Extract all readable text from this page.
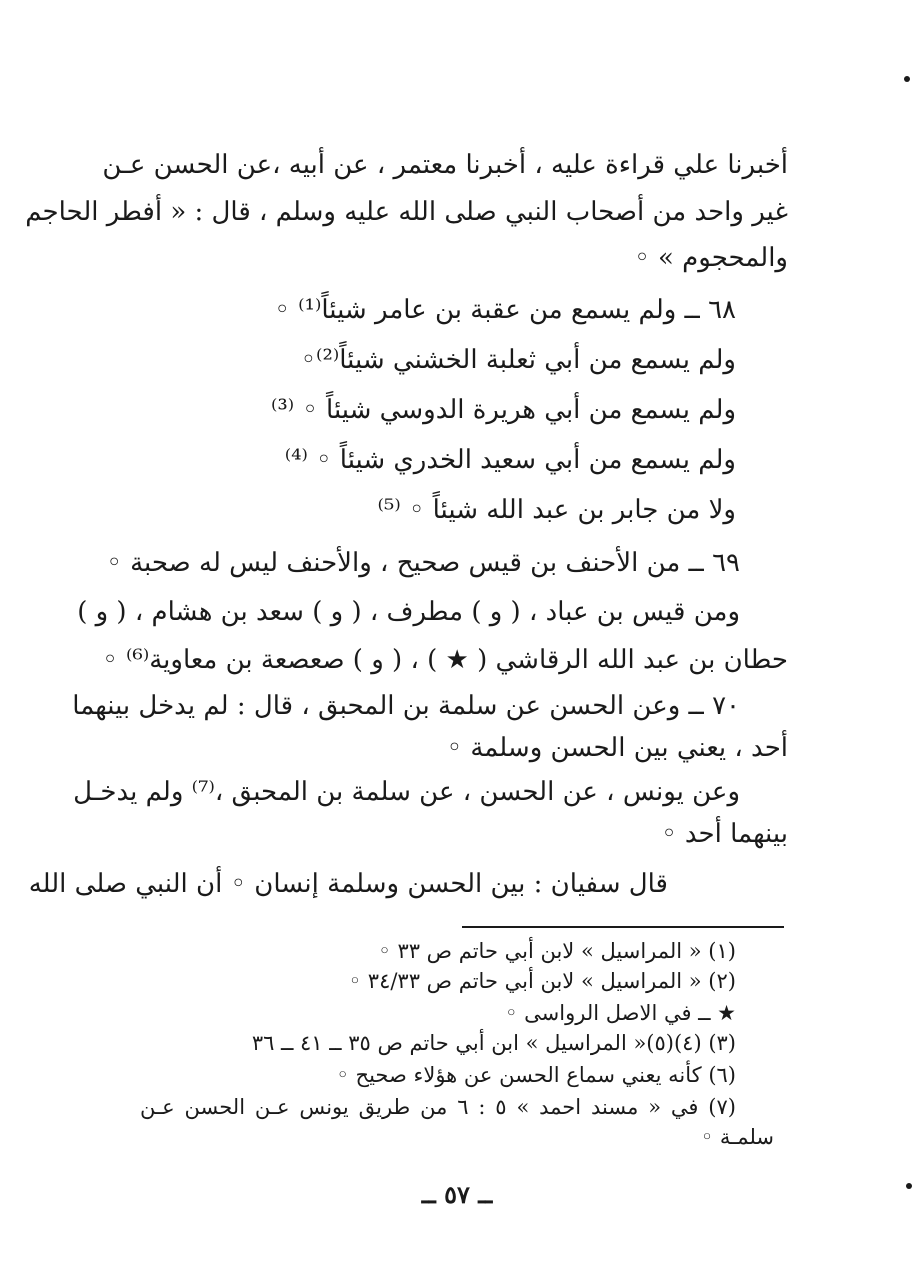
أخبرنا علي قراءة عليه ، أخبرنا معتمر ، عن أبيه ،عن الحسن عـن
غير واحد من أصحاب النبي صلى الله عليه وسلم ، قال : « أفطر الحاجم
والمحجوم » ◦
٦٨ ــ ولم يسمع من عقبة بن عامر شيئاً⁽¹⁾ ◦
ولم يسمع من أبي ثعلبة الخشني شيئاً⁽²⁾◦
ولم يسمع من أبي هريرة الدوسي شيئاً ◦ ⁽³⁾
ولم يسمع من أبي سعيد الخدري شيئاً ◦ ⁽⁴⁾
ولا من جابر بن عبد الله شيئاً ◦ ⁽⁵⁾
٦٩ ــ من الأحنف بن قيس صحيح ، والأحنف ليس له صحبة ◦
ومن قيس بن عباد ، ( و ) مطرف ، ( و ) سعد بن هشام ، ( و )
حطان بن عبد الله الرقاشي ( ★ ) ، ( و ) صعصعة بن معاوية⁽⁶⁾ ◦
٧٠ ــ وعن الحسن عن سلمة بن المحبق ، قال : لم يدخل بينهما
أحد ، يعني بين الحسن وسلمة ◦
وعن يونس ، عن الحسن ، عن سلمة بن المحبق ،⁽⁷⁾ ولم يدخـل
بينهما أحد ◦
قال سفيان : بين الحسن وسلمة إنسان ◦ أن النبي صلى الله
(١) « المراسيل » لابن أبي حاتم ص ٣٣ ◦
(٢) « المراسيل » لابن أبي حاتم ص ٣٤/٣٣ ◦
★ ــ في الاصل الرواسى ◦
(٣) (٤)(٥)« المراسيل » ابن أبي حاتم ص ٣٥ ــ ٤١ ــ ٣٦
(٦) كأنه يعني سماع الحسن عن هؤلاء صحيح ◦
(٧) في « مسند احمد » ٥ : ٦ من طريق يونس عـن الحسن عـن
سلمـة ◦
ــ ٥٧ ــ
